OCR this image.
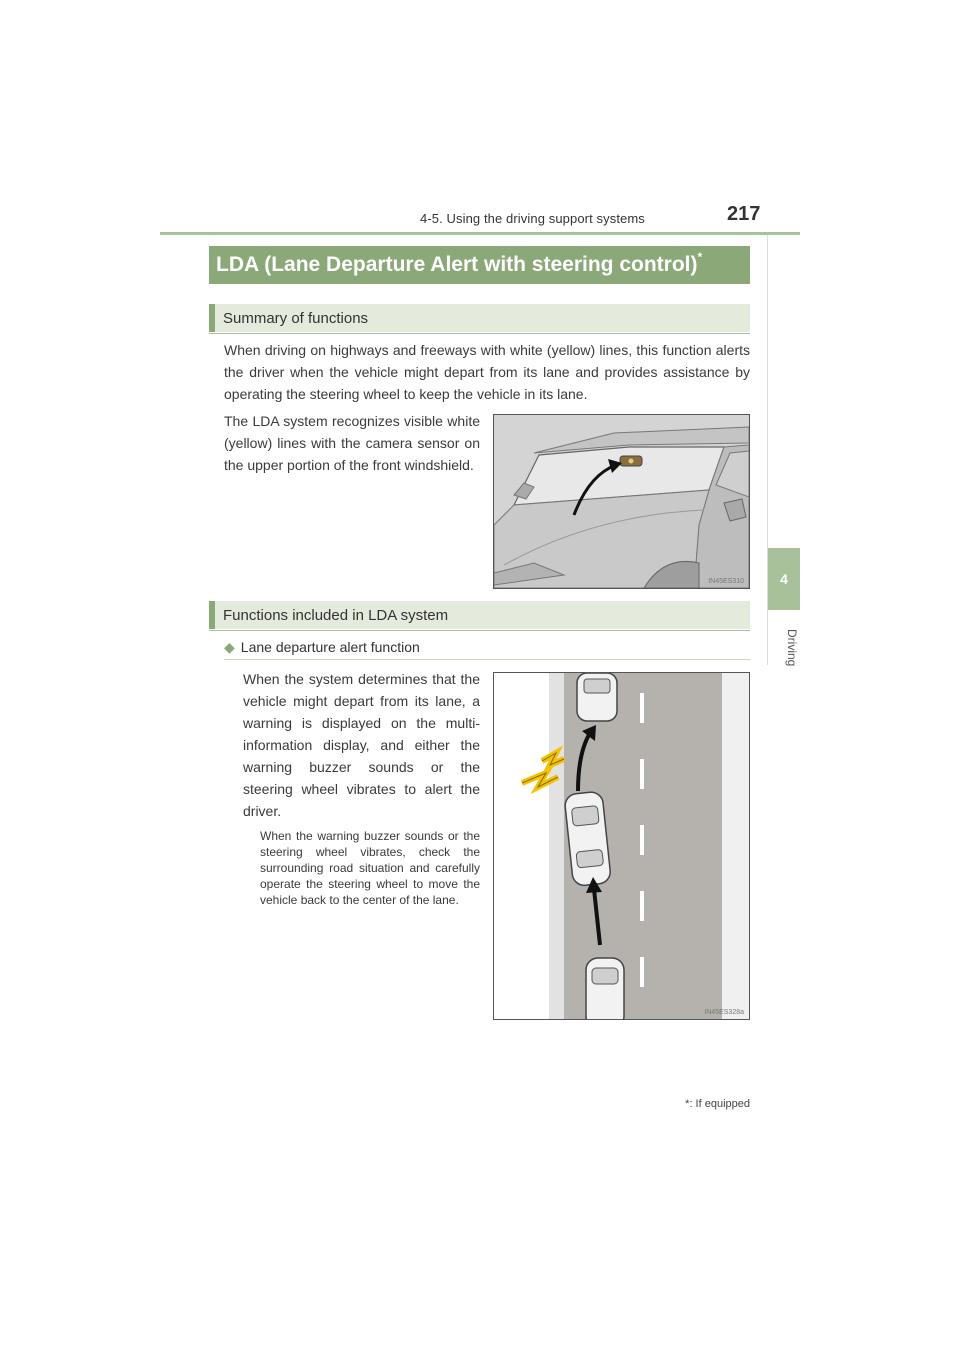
4-5. Using the driving support systems	217
4
Driving
LDA (Lane Departure Alert with steering control)*
Summary of functions
When driving on highways and freeways with white (yellow) lines, this function alerts the driver when the vehicle might depart from its lane and provides assistance by operating the steering wheel to keep the vehicle in its lane.
The LDA system recognizes visible white (yellow) lines with the camera sensor on the upper portion of the front windshield.
IN45ES310
Functions included in LDA system
◆ Lane departure alert function
When the system determines that the vehicle might depart from its lane, a warning is displayed on the multi-information display, and either the warning buzzer sounds or the steering wheel vibrates to alert the driver.
When the warning buzzer sounds or the steering wheel vibrates, check the surrounding road situation and carefully operate the steering wheel to move the vehicle back to the center of the lane.
IN45ES328a
*: If equipped
